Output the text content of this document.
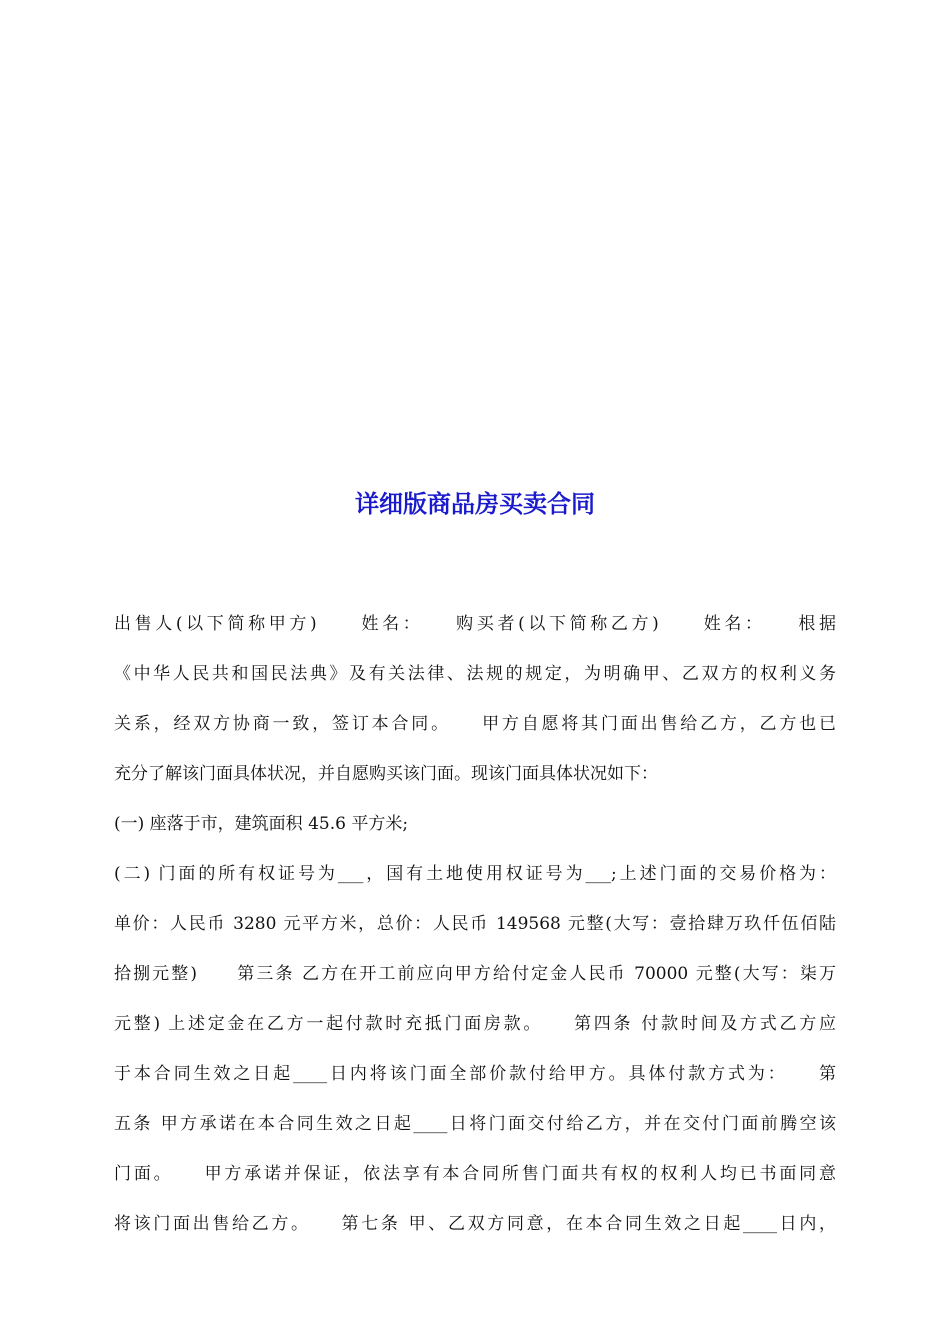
详细版商品房买卖合同
出售人(以下简称甲方)　　姓名：　　购买者(以下简称乙方)　　姓名：　　根据
《中华人民共和国民法典》及有关法律、法规的规定，为明确甲、乙双方的权利义务
关系，经双方协商一致，签订本合同。　　甲方自愿将其门面出售给乙方，乙方也已
充分了解该门面具体状况，并自愿购买该门面。现该门面具体状况如下：
(一) 座落于市，建筑面积 45.6 平方米;
(二) 门面的所有权证号为___，国有土地使用权证号为___;上述门面的交易价格为：
单价：人民币 3280 元平方米，总价：人民币 149568 元整(大写：壹拾肆万玖仟伍佰陆
拾捌元整)　　第三条 乙方在开工前应向甲方给付定金人民币 70000 元整(大写：柒万
元整) 上述定金在乙方一起付款时充抵门面房款。　　第四条 付款时间及方式乙方应
于本合同生效之日起____日内将该门面全部价款付给甲方。具体付款方式为：　　第
五条 甲方承诺在本合同生效之日起____日将门面交付给乙方，并在交付门面前腾空该
门面。　　甲方承诺并保证，依法享有本合同所售门面共有权的权利人均已书面同意
将该门面出售给乙方。　　第七条 甲、乙双方同意，在本合同生效之日起____日内，
